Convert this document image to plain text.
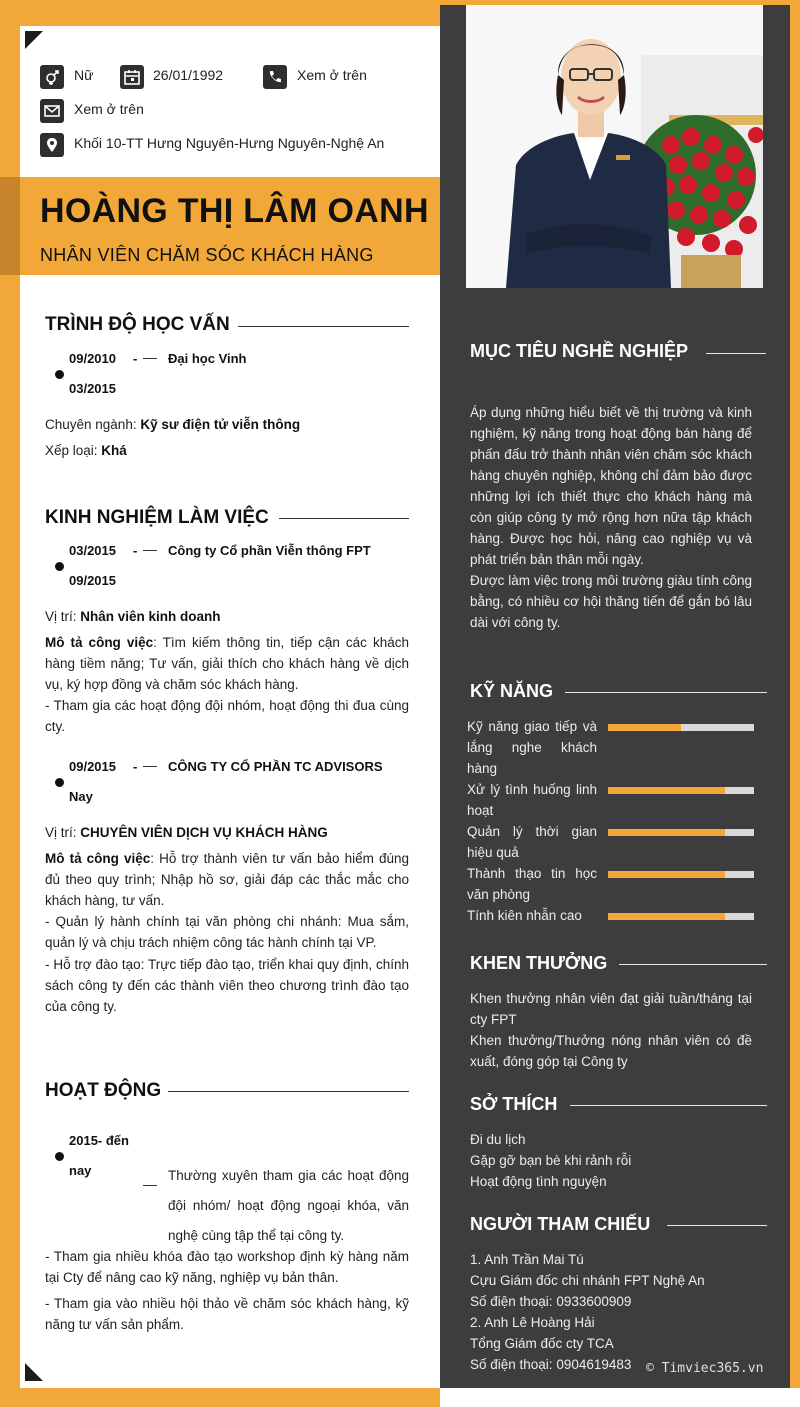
Nữ	26/01/1992	Xem ở trên
Xem ở trên
Khối 10-TT Hưng Nguyên-Hưng Nguyên-Nghệ An
HOÀNG THỊ LÂM OANH
NHÂN VIÊN CHĂM SÓC KHÁCH HÀNG
TRÌNH ĐỘ HỌC VẤN
09/2010 -
03/2015
Đại học Vinh
Chuyên ngành: Kỹ sư điện tử viễn thông
Xếp loại: Khá
KINH NGHIỆM LÀM VIỆC
03/2015 -
09/2015
Công ty Cổ phần Viễn thông FPT
Vị trí: Nhân viên kinh doanh
Mô tả công việc: Tìm kiếm thông tin, tiếp cận các khách hàng tiềm năng; Tư vấn, giải thích cho khách hàng về dịch vụ, ký hợp đồng và chăm sóc khách hàng.
- Tham gia các hoạt động đội nhóm, hoạt động thi đua cùng cty.
09/2015 -
Nay
CÔNG TY CỔ PHẦN TC ADVISORS
Vị trí: CHUYÊN VIÊN DỊCH VỤ KHÁCH HÀNG
Mô tả công việc: Hỗ trợ thành viên tư vấn bảo hiểm đúng đủ theo quy trình; Nhập hồ sơ, giải đáp các thắc mắc cho khách hàng, tư vấn.
- Quản lý hành chính tại văn phòng chi nhánh: Mua sắm, quản lý và chịu trách nhiệm công tác hành chính tại VP.
- Hỗ trợ đào tạo: Trực tiếp đào tạo, triển khai quy định, chính sách công ty đến các thành viên theo chương trình đào tạo của công ty.
HOẠT ĐỘNG
2015- đến
nay	Thường xuyên tham gia các hoạt động đội nhóm/ hoạt động ngoại khóa, văn nghệ cùng tập thể tại công ty.
- Tham gia nhiều khóa đào tạo workshop định kỳ hàng năm tại Cty để nâng cao kỹ năng, nghiệp vụ bản thân.
- Tham gia vào nhiều hội thảo về chăm sóc khách hàng, kỹ năng tư vấn sản phẩm.
MỤC TIÊU NGHỀ NGHIỆP
Áp dụng những hiểu biết về thị trường và kinh nghiệm, kỹ năng trong hoạt động bán hàng để phấn đấu trở thành nhân viên chăm sóc khách hàng chuyên nghiệp, không chỉ đảm bảo được những lợi ích thiết thực cho khách hàng mà còn giúp công ty mở rộng hơn nữa tập khách hàng. Được học hỏi, nâng cao nghiệp vụ và phát triển bản thân mỗi ngày.
Được làm việc trong môi trường giàu tính công bằng, có nhiều cơ hội thăng tiến để gắn bó lâu dài với công ty.
KỸ NĂNG
Kỹ năng giao tiếp và lắng nghe khách hàng
Xử lý tình huống linh hoạt
Quản lý thời gian hiệu quả
Thành thạo tin học văn phòng
Tính kiên nhẫn cao
KHEN THƯỞNG
Khen thưởng nhân viên đạt giải tuần/tháng tại cty FPT
Khen thưởng/Thưởng nóng nhân viên có đề xuất, đóng góp tại Công ty
SỞ THÍCH
Đi du lịch
Gặp gỡ bạn bè khi rảnh rỗi
Hoạt động tình nguyện
NGƯỜI THAM CHIẾU
1. Anh Trần Mai Tú
Cựu Giám đốc chi nhánh FPT Nghệ An
Số điện thoại: 0933600909
2. Anh Lê Hoàng Hải
Tổng Giám đốc cty TCA
Số điện thoại: 0904619483	© Timviec365.vn
